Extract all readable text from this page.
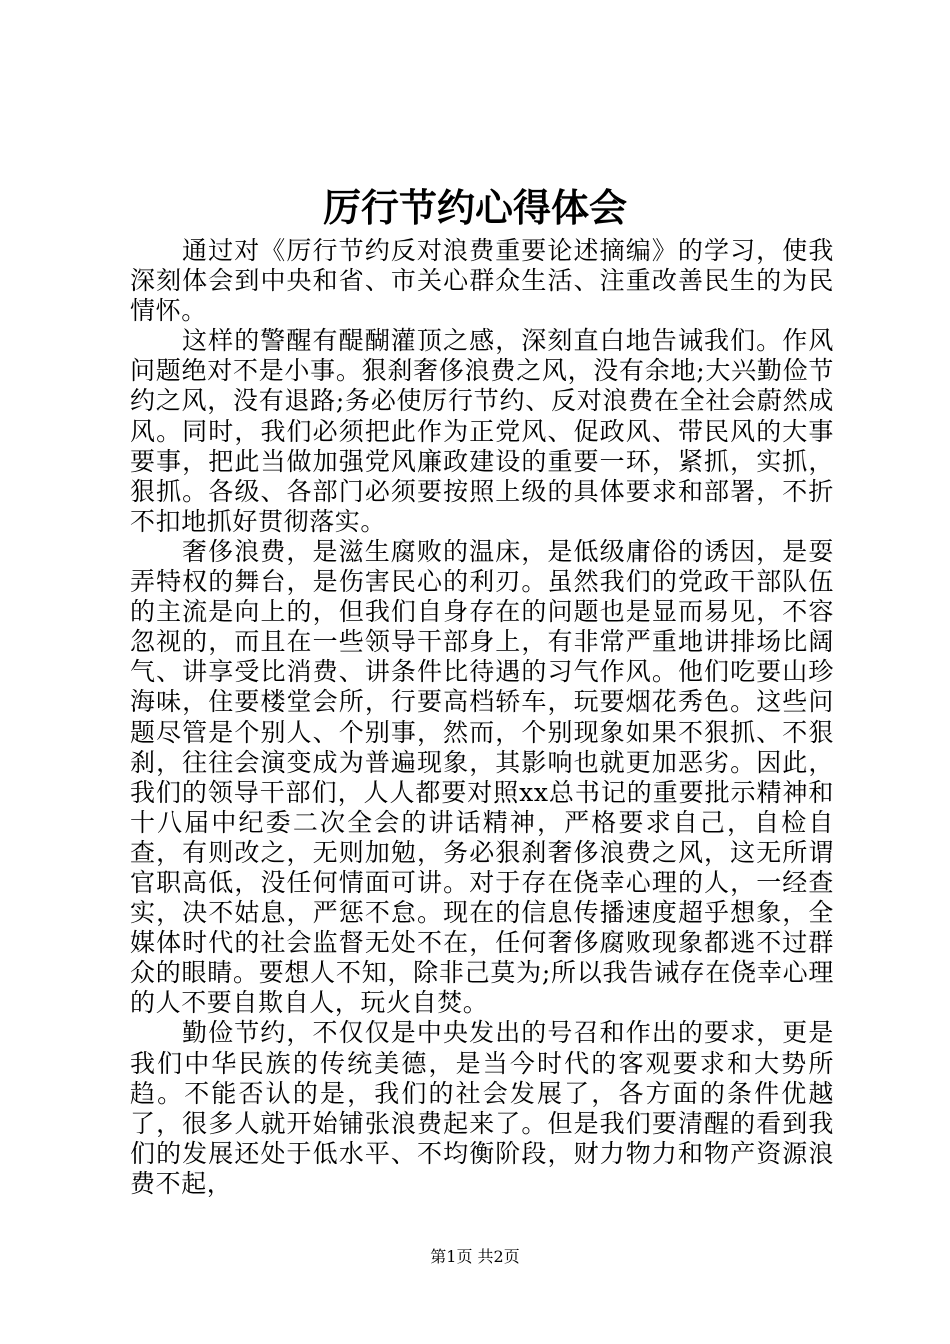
厉行节约心得体会

通过对《厉行节约反对浪费重要论述摘编》的学习，使我深刻体会到中央和省、市关心群众生活、注重改善民生的为民情怀。

这样的警醒有醍醐灌顶之感，深刻直白地告诫我们。作风问题绝对不是小事。狠刹奢侈浪费之风，没有余地;大兴勤俭节约之风，没有退路;务必使厉行节约、反对浪费在全社会蔚然成风。同时，我们必须把此作为正党风、促政风、带民风的大事要事，把此当做加强党风廉政建设的重要一环，紧抓，实抓，狠抓。各级、各部门必须要按照上级的具体要求和部署，不折不扣地抓好贯彻落实。

奢侈浪费，是滋生腐败的温床，是低级庸俗的诱因，是耍弄特权的舞台，是伤害民心的利刃。虽然我们的党政干部队伍的主流是向上的，但我们自身存在的问题也是显而易见，不容忽视的，而且在一些领导干部身上，有非常严重地讲排场比阔气、讲享受比消费、讲条件比待遇的习气作风。他们吃要山珍海味，住要楼堂会所，行要高档轿车，玩要烟花秀色。这些问题尽管是个别人、个别事，然而，个别现象如果不狠抓、不狠刹，往往会演变成为普遍现象，其影响也就更加恶劣。因此，我们的领导干部们，人人都要对照xx总书记的重要批示精神和十八届中纪委二次全会的讲话精神，严格要求自己，自检自查，有则改之，无则加勉，务必狠刹奢侈浪费之风，这无所谓官职高低，没任何情面可讲。对于存在侥幸心理的人，一经查实，决不姑息，严惩不怠。现在的信息传播速度超乎想象，全媒体时代的社会监督无处不在，任何奢侈腐败现象都逃不过群众的眼睛。要想人不知，除非己莫为;所以我告诫存在侥幸心理的人不要自欺自人，玩火自焚。

勤俭节约，不仅仅是中央发出的号召和作出的要求，更是我们中华民族的传统美德，是当今时代的客观要求和大势所趋。不能否认的是，我们的社会发展了，各方面的条件优越了，很多人就开始铺张浪费起来了。但是我们要清醒的看到我们的发展还处于低水平、不均衡阶段，财力物力和物产资源浪费不起，

第1页 共2页
